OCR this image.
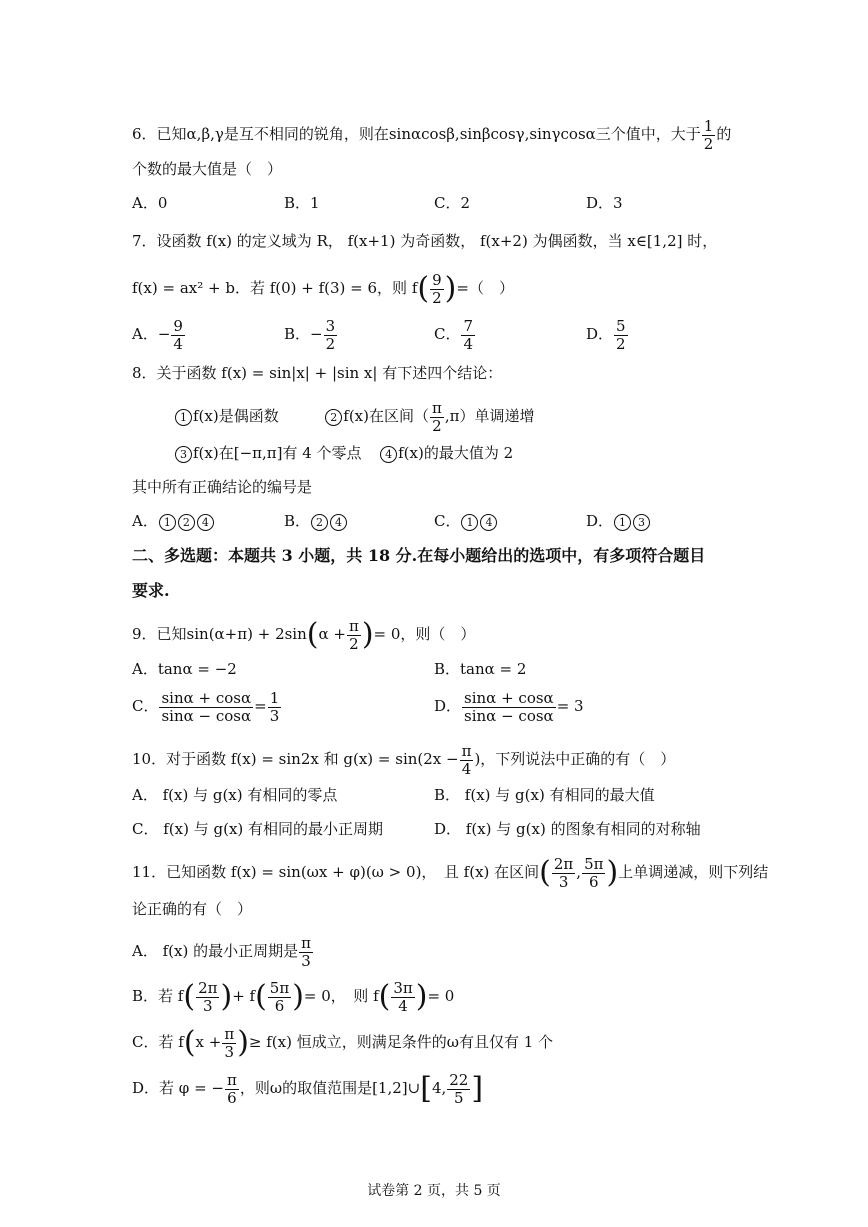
6．已知α,β,γ是互不相同的锐角，则在sinαcosβ,sinβcosγ,sinγcosα三个值中，大于 $\frac{1}{2}$ 的
个数的最大值是（　）
A．0	B．1	C．2	D．3
7．设函数 f(x) 的定义域为 R， f(x+1) 为奇函数， f(x+2) 为偶函数，当 x∈[1,2] 时，
f(x) = ax² + b．若 f(0) + f(3) = 6，则 $f( \frac{9}{2}$ )=（　）
A．− $\frac{9}{4}$	B．− $\frac{3}{2}$	C． $\frac{7}{4}$	D． $\frac{5}{2}$
8．关于函数 f(x) = sin|x| + |sin x| 有下述四个结论：
1 f(x)是偶函数	2 f(x)在区间（ $\frac{\pi}{2} ,\pi$）单调递增
3 f(x)在[−π,π]有 4 个零点 4 f(x)的最大值为 2
其中所有正确结论的编号是
A． 1 2 4	B． 2 4	C． 1 4	D． 1 3
二、多选题：本题共 3 小题，共 18 分.在每小题给出的选项中，有多项符合题目
要求.
9．已知$\sin(\alpha+\pi) + 2\sin(\alpha + \frac{\pi}{2}$ )= 0，则（　）
A．tanα = −2	B．tanα = 2
C． $\frac{\sin\alpha + \cos\alpha}{\sin\alpha - \cos\alpha} = \frac{1}{3}$	D． $\frac{\sin\alpha + \cos\alpha}{\sin\alpha - \cos\alpha} = 3$
10．对于函数 f(x) = sin2x 和 $g(x) = \sin(2x - \frac{\pi}{4}$ )，下列说法中正确的有（　）
A． f(x) 与 g(x) 有相同的零点	B． f(x) 与 g(x) 有相同的最大值
C． f(x) 与 g(x) 有相同的最小正周期	D． f(x) 与 g(x) 的图象有相同的对称轴
11．已知函数 f(x) = sin(ωx + φ)(ω > 0)，　且 f(x) 在区间( $\frac{2\pi}{3}$ , $\frac{5\pi}{6}$ )上单调递减，则下列结
论正确的有（　）
A． f(x) 的最小正周期是 $\frac{\pi}{3}$
B．若 $f( \frac{2\pi}{3}$ )+ $f( \frac{5\pi}{6}$ )= 0，　则 $f( \frac{3\pi}{4}$ )= 0
C．若 $f(x + \frac{\pi}{3}$ )≥ f(x) 恒成立，则满足条件的ω有且仅有 1 个
D．若 φ = − $\frac{\pi}{6}$ ，则ω的取值范围是[1,2]∪[4, $\frac{22}{5}$ ]
试卷第 2 页，共 5 页
